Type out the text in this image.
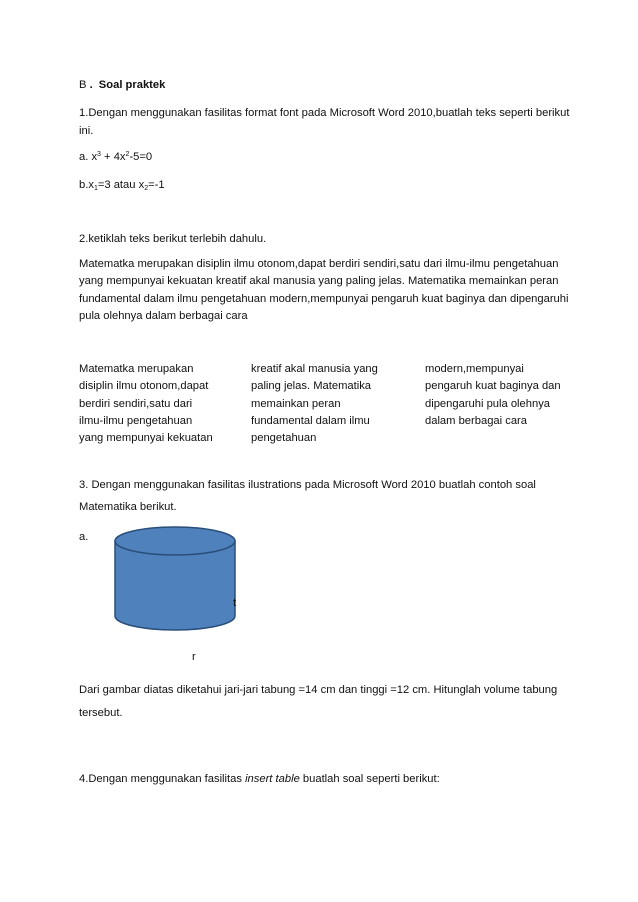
B . Soal praktek
1.Dengan menggunakan fasilitas format font pada Microsoft Word 2010,buatlah teks seperti berikut
ini.
a. $x^3 + 4x^2-5=0$
$b.x_1=3$ atau $x_2=-1$
2.ketiklah teks berikut terlebih dahulu.
Matematka merupakan disiplin ilmu otonom,dapat berdiri sendiri,satu dari ilmu-ilmu pengetahuan
yang mempunyai kekuatan kreatif akal manusia yang paling jelas. Matematika memainkan peran
fundamental dalam ilmu pengetahuan modern,mempunyai pengaruh kuat baginya dan dipengaruhi
pula olehnya dalam berbagai cara
Matematka merupakan
disiplin ilmu otonom,dapat
berdiri sendiri,satu dari
ilmu-ilmu pengetahuan
yang mempunyai kekuatan
kreatif akal manusia yang
paling jelas. Matematika
memainkan peran
fundamental dalam ilmu
pengetahuan
modern,mempunyai
pengaruh kuat baginya dan
dipengaruhi pula olehnya
dalam berbagai cara
3. Dengan menggunakan fasilitas ilustrations pada Microsoft Word 2010 buatlah contoh soal
Matematika berikut.
a.
t
r
Dari gambar diatas diketahui jari-jari tabung =14 cm dan tinggi =12 cm. Hitunglah volume tabung
tersebut.
4.Dengan menggunakan fasilitas insert table buatlah soal seperti berikut:
